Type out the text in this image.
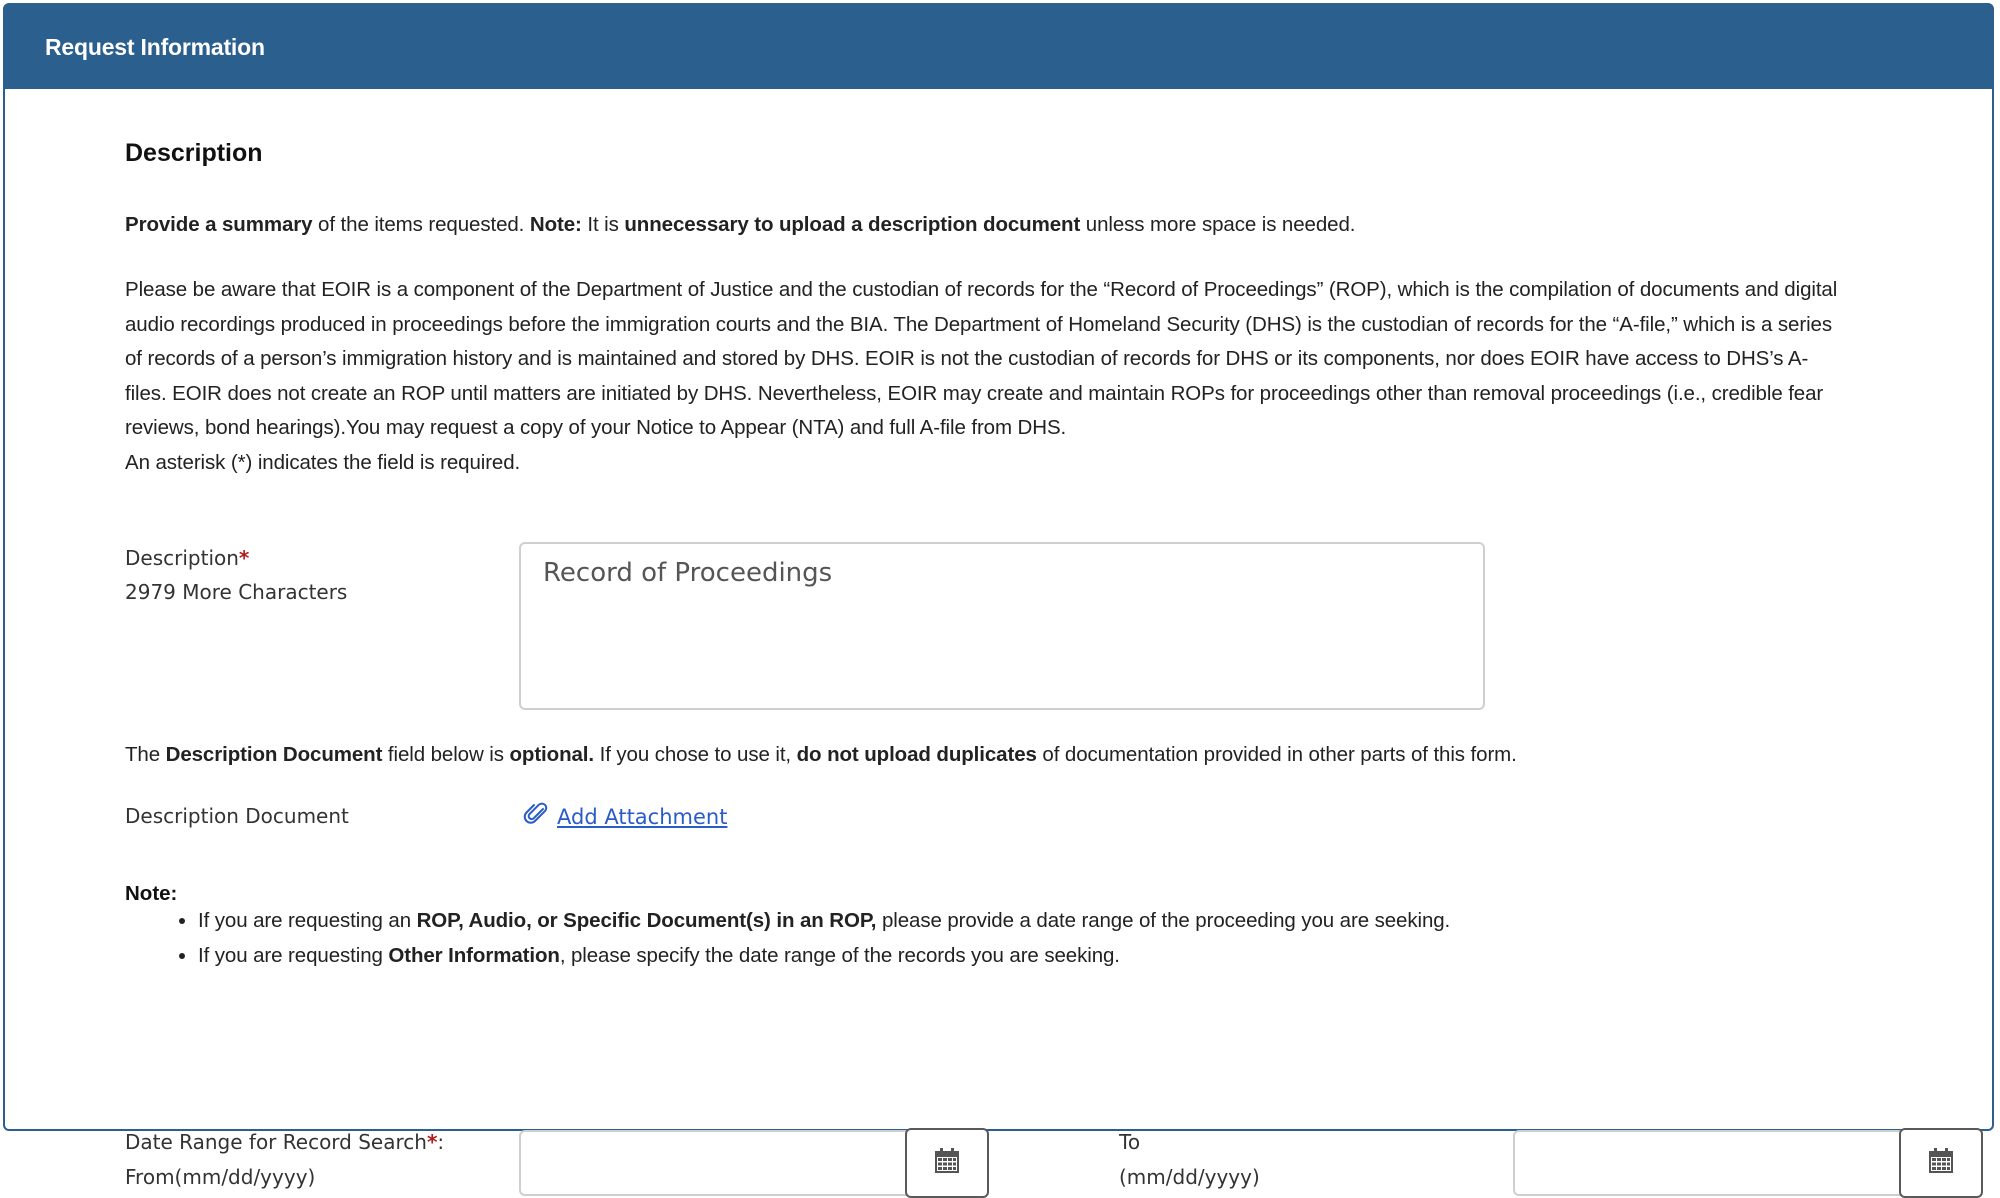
Request Information
Description
Provide a summary of the items requested. Note: It is unnecessary to upload a description document unless more space is needed.
Please be aware that EOIR is a component of the Department of Justice and the custodian of records for the “Record of Proceedings” (ROP), which is the compilation of documents and digital
audio recordings produced in proceedings before the immigration courts and the BIA. The Department of Homeland Security (DHS) is the custodian of records for the “A-file,” which is a series
of records of a person’s immigration history and is maintained and stored by DHS. EOIR is not the custodian of records for DHS or its components, nor does EOIR have access to DHS’s A-
files. EOIR does not create an ROP until matters are initiated by DHS. Nevertheless, EOIR may create and maintain ROPs for proceedings other than removal proceedings (i.e., credible fear
reviews, bond hearings).You may request a copy of your Notice to Appear (NTA) and full A-file from DHS.
An asterisk (*) indicates the field is required.
Description*
2979 More Characters
Record of Proceedings
The Description Document field below is optional. If you chose to use it, do not upload duplicates of documentation provided in other parts of this form.
Description Document	Add Attachment
Note:
• If you are requesting an ROP, Audio, or Specific Document(s) in an ROP, please provide a date range of the proceeding you are seeking.
• If you are requesting Other Information, please specify the date range of the records you are seeking.
Date Range for Record Search*:
From(mm/dd/yyyy)
To
(mm/dd/yyyy)
